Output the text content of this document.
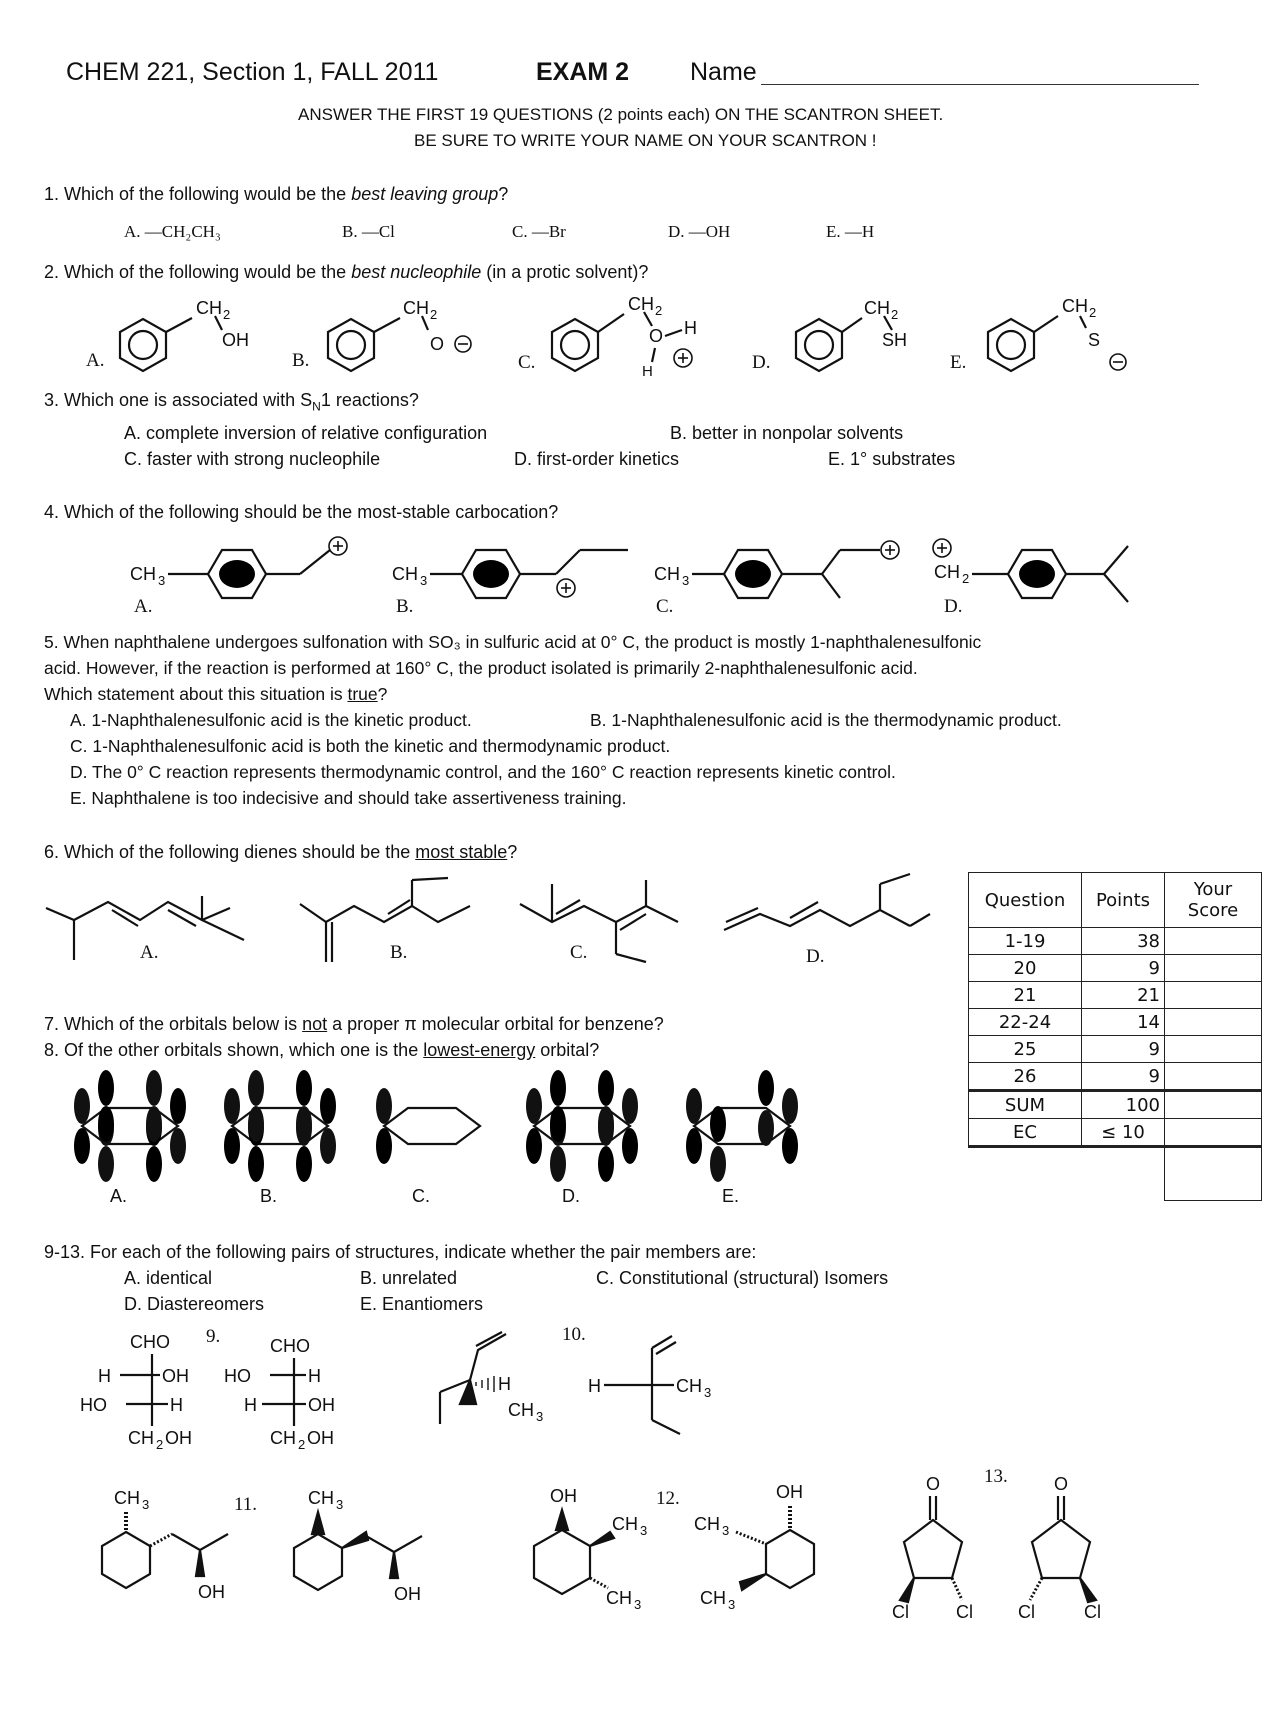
CHEM 221, Section 1, FALL 2011	EXAM 2 Name
ANSWER THE FIRST 19 QUESTIONS (2 points each) ON THE SCANTRON SHEET.
BE SURE TO WRITE YOUR NAME ON YOUR SCANTRON !
1. Which of the following would be the best leaving group?
A. —CH₂CH₃	B. —Cl	C. —Br	D. —OH	E. —H
2. Which of the following would be the best nucleophile (in a protic solvent)?
CH 2
OH
A.
CH 2
O
B.
CH 2
O H
H
C.
CH 2
SH
D.
CH 2
S
E.
3. Which one is associated with $S_N1$ reactions?
A. complete inversion of relative configuration	B. better in nonpolar solvents
C. faster with strong nucleophile	D. first-order kinetics	E. 1° substrates
4. Which of the following should be the most-stable carbocation?
CH 3
A.
CH 3
B.
CH 3
C.
CH 2
D.
5. When naphthalene undergoes sulfonation with SO₃ in sulfuric acid at 0° C, the product is mostly 1-naphthalenesulfonic
acid. However, if the reaction is performed at 160° C, the product isolated is primarily 2-naphthalenesulfonic acid.
Which statement about this situation is true?
A. 1-Naphthalenesulfonic acid is the kinetic product.	B. 1-Naphthalenesulfonic acid is the thermodynamic product.
C. 1-Naphthalenesulfonic acid is both the kinetic and thermodynamic product.
D. The 0° C reaction represents thermodynamic control, and the 160° C reaction represents kinetic control.
E. Naphthalene is too indecisive and should take assertiveness training.
6. Which of the following dienes should be the most stable?
A.	B.	C.	D.
Question	Points	Your Score
1-19	38	
20	9	
21	21	
22-24	14	
25	9	
26	9	
SUM	100	
EC	≤ 10	

7. Which of the orbitals below is not a proper π molecular orbital for benzene?
8. Of the other orbitals shown, which one is the lowest-energy orbital?
A.	B.	C.	D.	E.
9-13. For each of the following pairs of structures, indicate whether the pair members are:
A. identical	B. unrelated	C. Constitutional (structural) Isomers
D. Diastereomers	E. Enantiomers
CHO
H	OH
HO	H
CH 2 OH
9.	CHO
HO	H
H	OH
CH 2 OH
10.
H
CH 3
H	CH 3
11.
CH 3
OH
CH 3
OH
12.
OH
CH 3
CH 3
OH
CH 3
CH 3
13.
O
Cl	Cl
O
Cl	Cl
